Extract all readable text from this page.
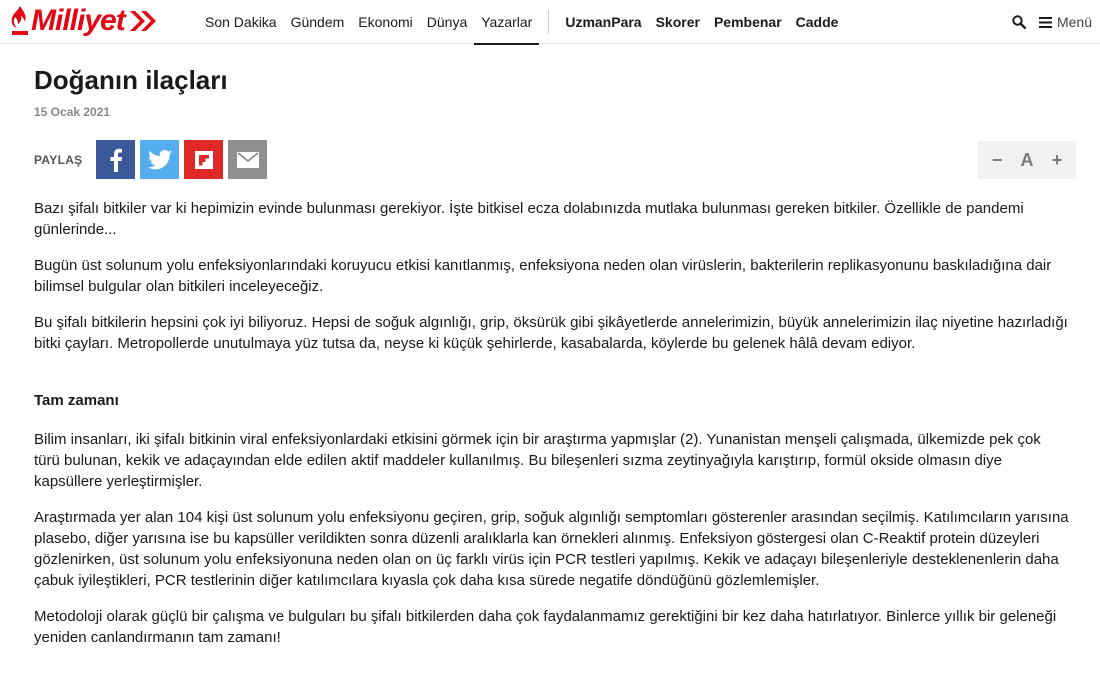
Milliyet	Son Dakika	Gündem	Ekonomi	Dünya	Yazarlar	UzmanPara	Skorer	Pembenar	Cadde	Menü
Doğanın ilaçları
15 Ocak 2021
PAYLAŞ	−	A	+

Bazı şifalı bitkiler var ki hepimizin evinde bulunması gerekiyor. İşte bitkisel ecza dolabınızda mutlaka bulunması gereken bitkiler. Özellikle de pandemi günlerinde...

Bugün üst solunum yolu enfeksiyonlarındaki koruyucu etkisi kanıtlanmış, enfeksiyona neden olan virüslerin, bakterilerin replikasyonunu baskıladığına dair bilimsel bulgular olan bitkileri inceleyeceğiz.

Bu şifalı bitkilerin hepsini çok iyi biliyoruz. Hepsi de soğuk algınlığı, grip, öksürük gibi şikâyetlerde annelerimizin, büyük annelerimizin ilaç niyetine hazırladığı bitki çayları. Metropollerde unutulmaya yüz tutsa da, neyse ki küçük şehirlerde, kasabalarda, köylerde bu gelenek hâlâ devam ediyor.

Tam zamanı

Bilim insanları, iki şifalı bitkinin viral enfeksiyonlardaki etkisini görmek için bir araştırma yapmışlar (2). Yunanistan menşeli çalışmada, ülkemizde pek çok türü bulunan, kekik ve adaçayından elde edilen aktif maddeler kullanılmış. Bu bileşenleri sızma zeytinyağıyla karıştırıp, formül okside olmasın diye kapsüllere yerleştirmişler.

Araştırmada yer alan 104 kişi üst solunum yolu enfeksiyonu geçiren, grip, soğuk algınlığı semptomları gösterenler arasından seçilmiş. Katılımcıların yarısına plasebo, diğer yarısına ise bu kapsüller verildikten sonra düzenli aralıklarla kan örnekleri alınmış. Enfeksiyon göstergesi olan C-Reaktif protein düzeyleri gözlenirken, üst solunum yolu enfeksiyonuna neden olan on üç farklı virüs için PCR testleri yapılmış. Kekik ve adaçayı bileşenleriyle desteklenenlerin daha çabuk iyileştikleri, PCR testlerinin diğer katılımcılara kıyasla çok daha kısa sürede negatife döndüğünü gözlemlemişler.

Metodoloji olarak güçlü bir çalışma ve bulguları bu şifalı bitkilerden daha çok faydalanmamız gerektiğini bir kez daha hatırlatıyor. Binlerce yıllık bir geleneği yeniden canlandırmanın tam zamanı!
